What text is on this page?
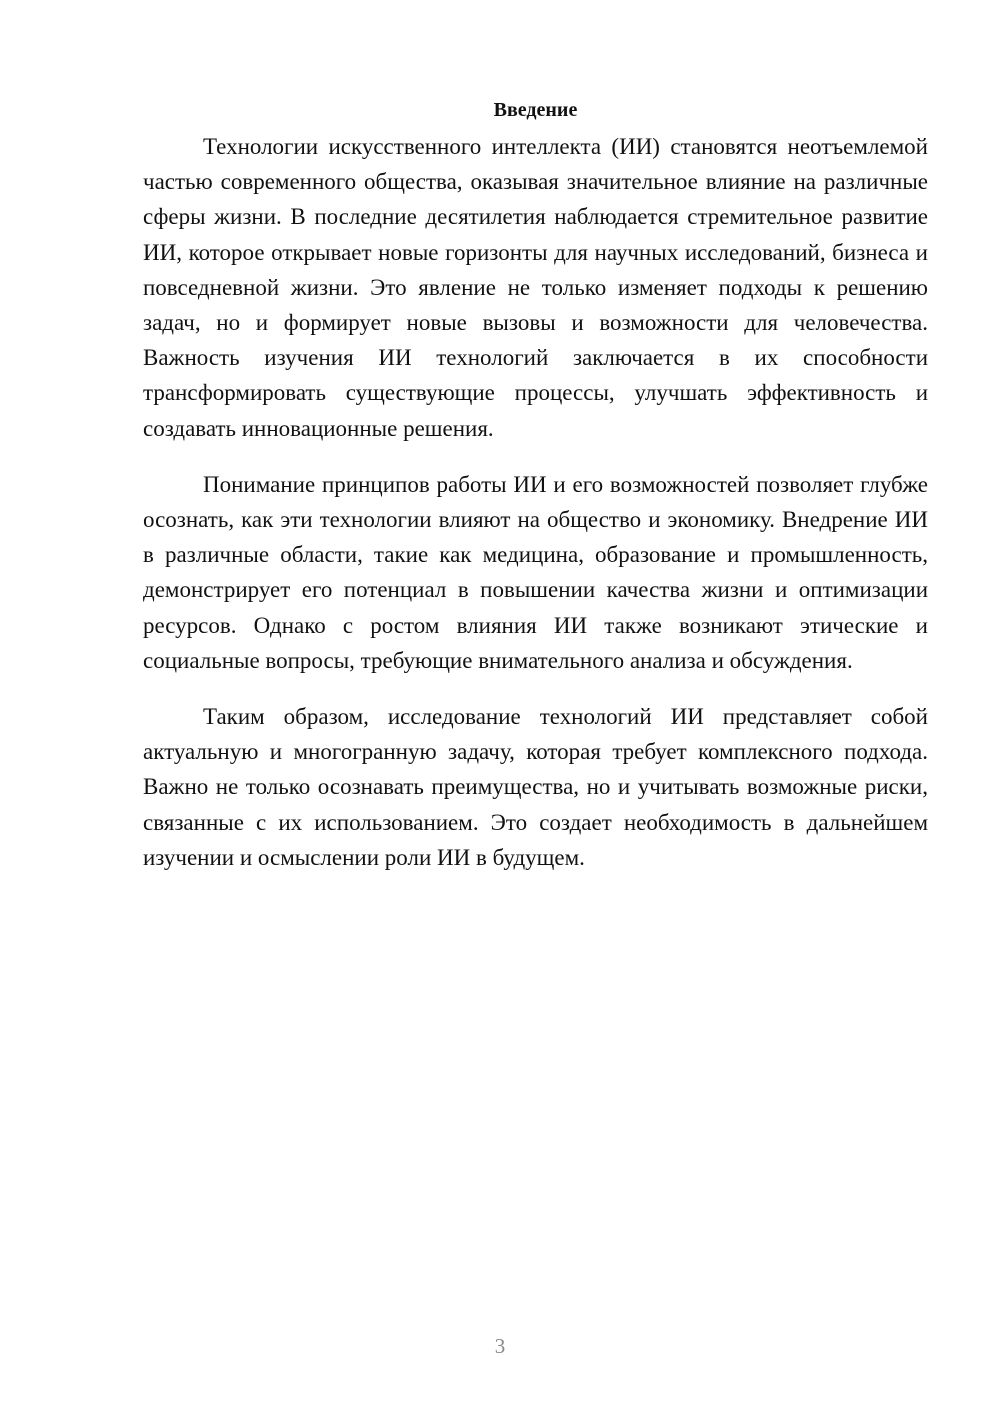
Введение

Технологии искусственного интеллекта (ИИ) становятся неотъемлемой частью современного общества, оказывая значительное влияние на различные сферы жизни. В последние десятилетия наблюдается стремительное развитие ИИ, которое открывает новые горизонты для научных исследований, бизнеса и повседневной жизни. Это явление не только изменяет подходы к решению задач, но и формирует новые вызовы и возможности для человечества. Важность изучения ИИ технологий заключается в их способности трансформировать существующие процессы, улучшать эффективность и создавать инновационные решения.

Понимание принципов работы ИИ и его возможностей позволяет глубже осознать, как эти технологии влияют на общество и экономику. Внедрение ИИ в различные области, такие как медицина, образование и промышленность, демонстрирует его потенциал в повышении качества жизни и оптимизации ресурсов. Однако с ростом влияния ИИ также возникают этические и социальные вопросы, требующие внимательного анализа и обсуждения.

Таким образом, исследование технологий ИИ представляет собой актуальную и многогранную задачу, которая требует комплексного подхода. Важно не только осознавать преимущества, но и учитывать возможные риски, связанные с их использованием. Это создает необходимость в дальнейшем изучении и осмыслении роли ИИ в будущем.

3
